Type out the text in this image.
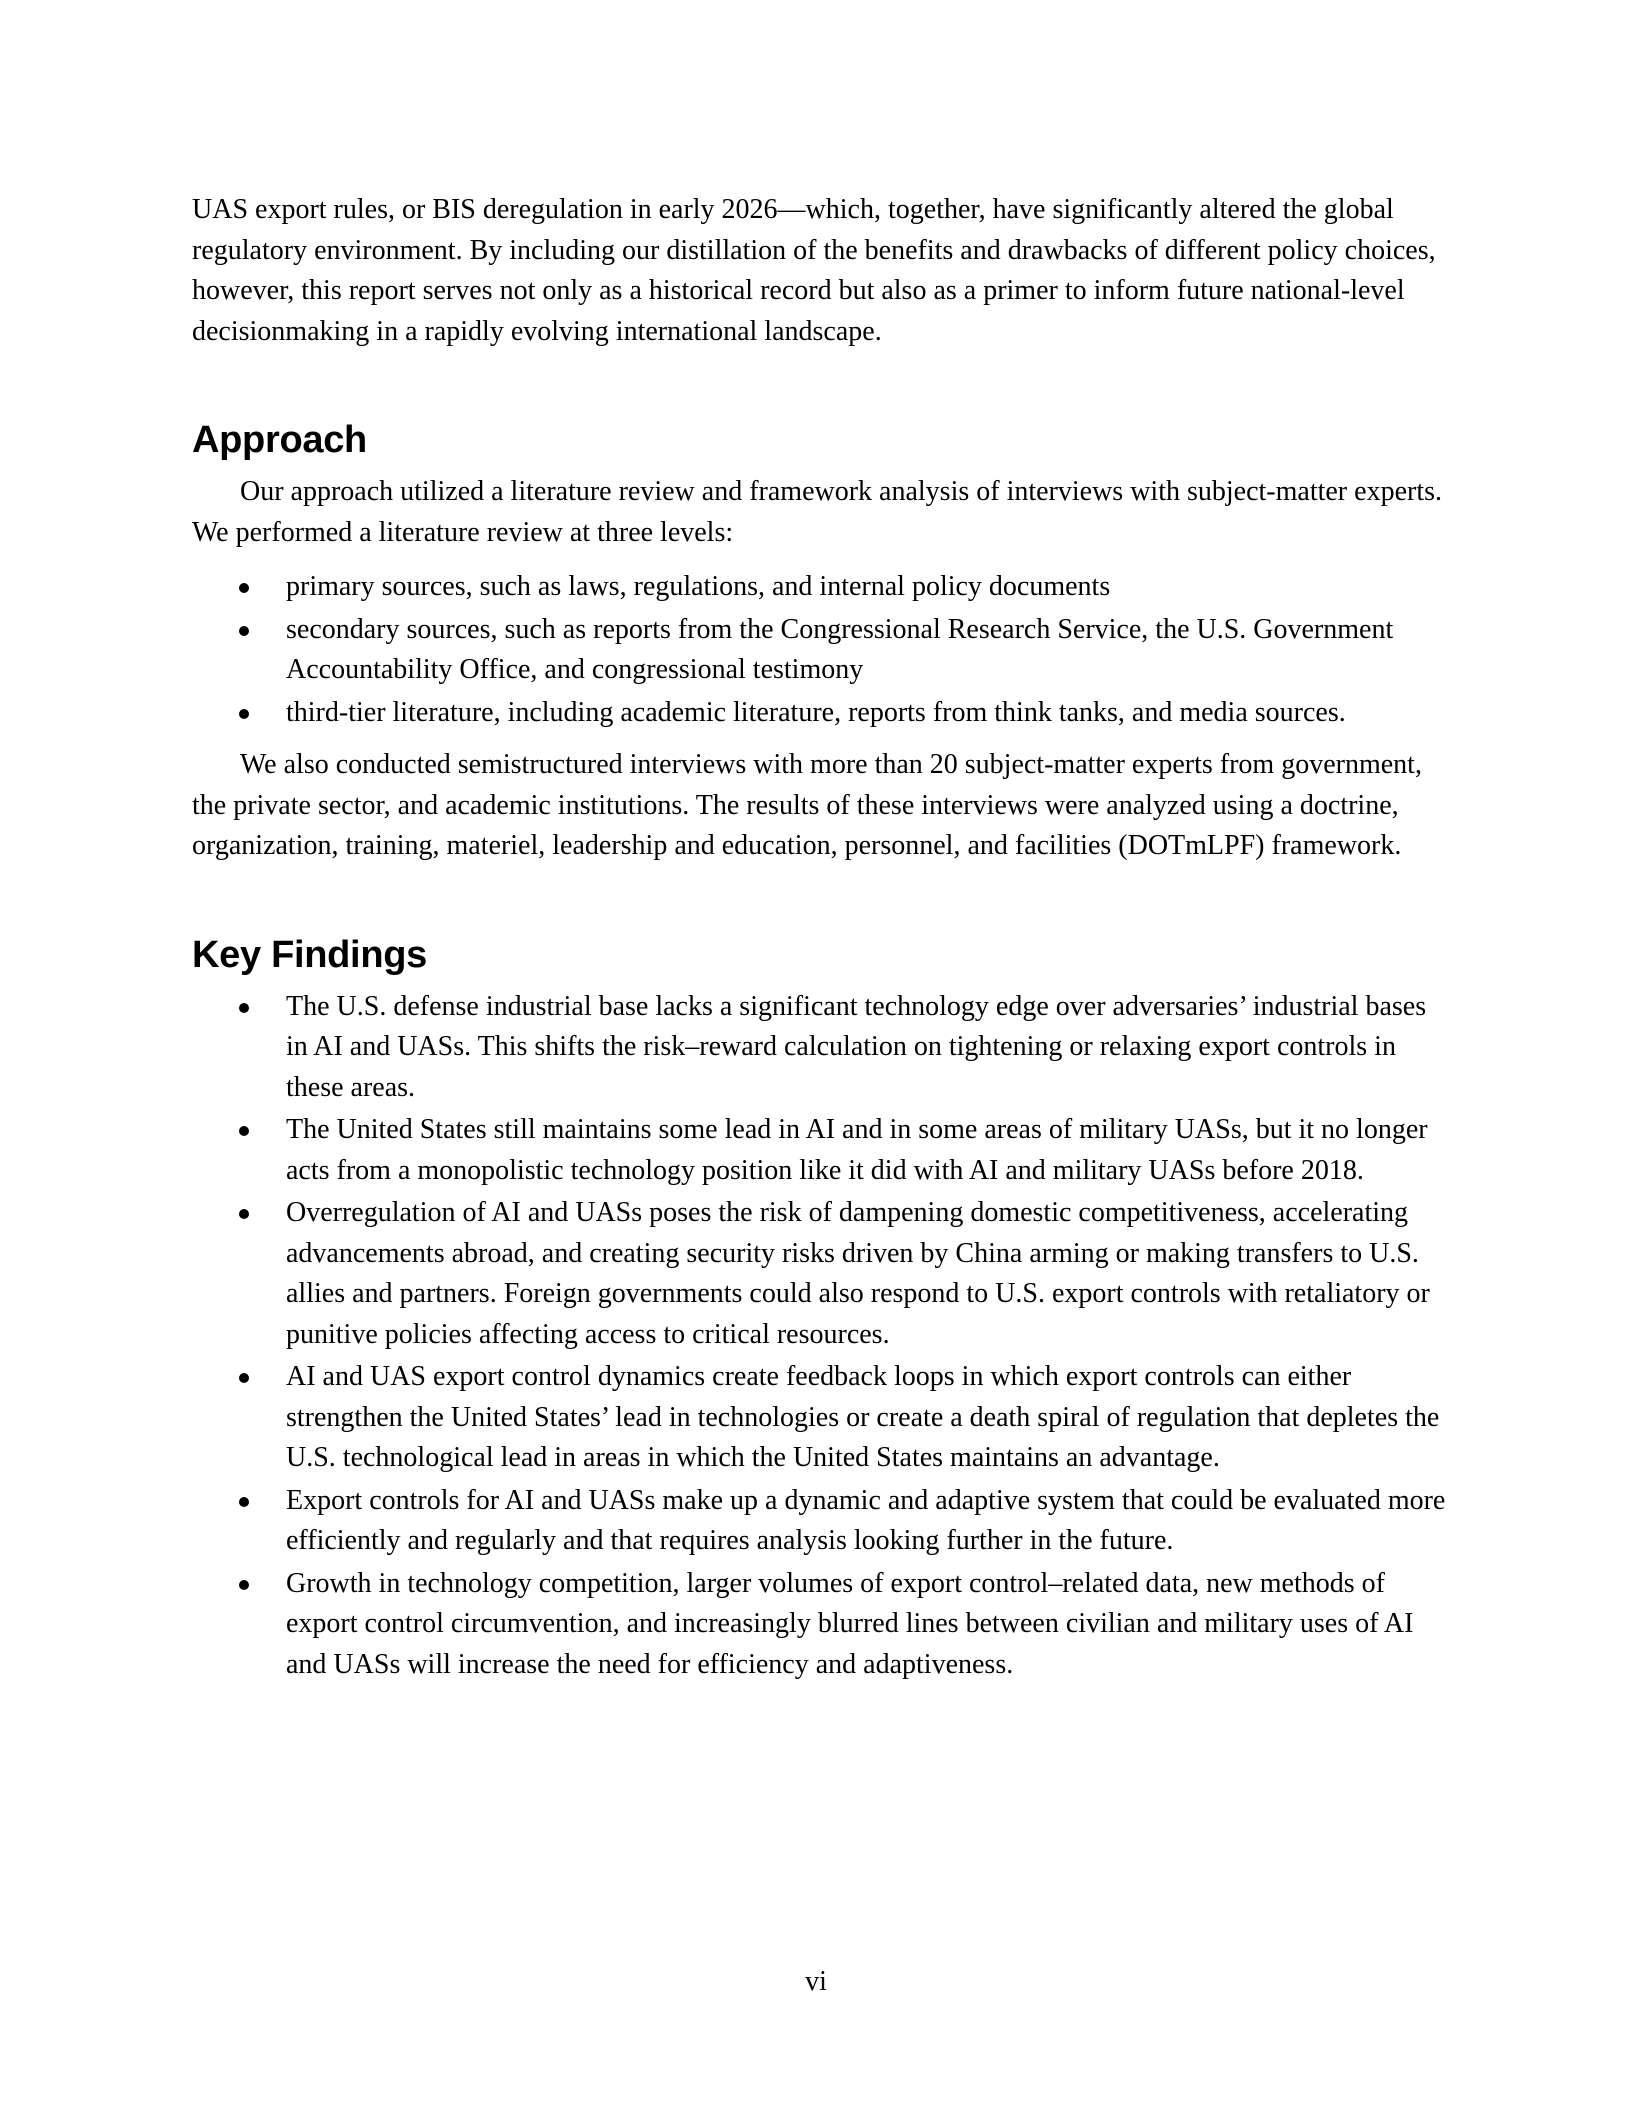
UAS export rules, or BIS deregulation in early 2026—which, together, have significantly altered the global regulatory environment. By including our distillation of the benefits and drawbacks of different policy choices, however, this report serves not only as a historical record but also as a primer to inform future national-level decisionmaking in a rapidly evolving international landscape.

Approach

Our approach utilized a literature review and framework analysis of interviews with subject-matter experts. We performed a literature review at three levels:

primary sources, such as laws, regulations, and internal policy documents
secondary sources, such as reports from the Congressional Research Service, the U.S. Government Accountability Office, and congressional testimony
third-tier literature, including academic literature, reports from think tanks, and media sources.

We also conducted semistructured interviews with more than 20 subject-matter experts from government, the private sector, and academic institutions. The results of these interviews were analyzed using a doctrine, organization, training, materiel, leadership and education, personnel, and facilities (DOTmLPF) framework.

Key Findings
The U.S. defense industrial base lacks a significant technology edge over adversaries’ industrial bases in AI and UASs. This shifts the risk–reward calculation on tightening or relaxing export controls in these areas.
The United States still maintains some lead in AI and in some areas of military UASs, but it no longer acts from a monopolistic technology position like it did with AI and military UASs before 2018.
Overregulation of AI and UASs poses the risk of dampening domestic competitiveness, accelerating advancements abroad, and creating security risks driven by China arming or making transfers to U.S. allies and partners. Foreign governments could also respond to U.S. export controls with retaliatory or punitive policies affecting access to critical resources.
AI and UAS export control dynamics create feedback loops in which export controls can either strengthen the United States’ lead in technologies or create a death spiral of regulation that depletes the U.S. technological lead in areas in which the United States maintains an advantage.
Export controls for AI and UASs make up a dynamic and adaptive system that could be evaluated more efficiently and regularly and that requires analysis looking further in the future.
Growth in technology competition, larger volumes of export control–related data, new methods of export control circumvention, and increasingly blurred lines between civilian and military uses of AI and UASs will increase the need for efficiency and adaptiveness.
vi
